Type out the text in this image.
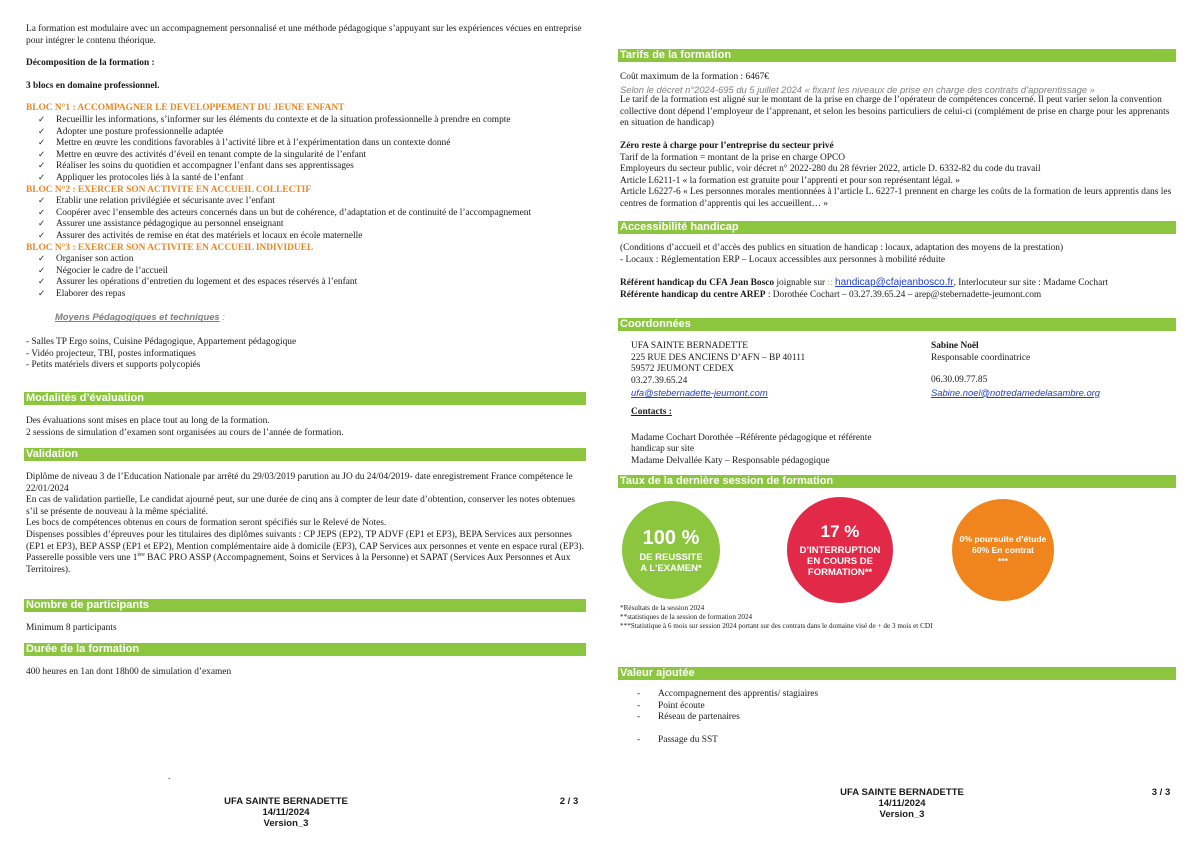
La formation est modulaire avec un accompagnement personnalisé et une méthode pédagogique s’appuyant sur les expériences vécues en entreprise pour intégrer le contenu théorique.

Décomposition de la formation :

3 blocs en domaine professionnel.

BLOC N°1 : ACCOMPAGNER LE DEVELOPPEMENT DU JEUNE ENFANT

✓ Recueillir les informations, s’informer sur les éléments du contexte et de la situation professionnelle à prendre en compte
✓ Adopter une posture professionnelle adaptée
✓ Mettre en œuvre les conditions favorables à l’activité libre et à l’expérimentation dans un contexte donné
✓ Mettre en œuvre des activités d’éveil en tenant compte de la singularité de l’enfant
✓ Réaliser les soins du quotidien et accompagner l’enfant dans ses apprentissages
✓ Appliquer les protocoles liés à la santé de l’enfant

BLOC N°2 : EXERCER SON ACTIVITE EN ACCUEIL COLLECTIF

✓ Etablir une relation privilégiée et sécurisante avec l’enfant
✓ Coopérer avec l’ensemble des acteurs concernés dans un but de cohérence, d’adaptation et de continuité de l’accompagnement
✓ Assurer une assistance pédagogique au personnel enseignant
✓ Assurer des activités de remise en état des matériels et locaux en école maternelle

BLOC N°3 : EXERCER SON ACTIVITE EN ACCUEIL INDIVIDUEL

✓ Organiser son action
✓ Négocier le cadre de l’accueil
✓ Assurer les opérations d’entretien du logement et des espaces réservés à l’enfant
✓ Elaborer des repas

Moyens Pédagogiques et techniques :

- Salles TP Ergo soins, Cuisine Pédagogique, Appartement pédagogique

- Vidéo projecteur, TBI, postes informatiques

- Petits matériels divers et supports polycopiés

Modalités d’évaluation

Des évaluations sont mises en place tout au long de la formation.

2 sessions de simulation d’examen sont organisées au cours de l’année de formation.

Validation

Diplôme de niveau 3 de l’Education Nationale par arrêté du 29/03/2019 parution au JO du 24/04/2019- date enregistrement France compétence le 22/01/2024

En cas de validation partielle, Le candidat ajourné peut, sur une durée de cinq ans à compter de leur date d’obtention, conserver les notes obtenues s’il se présente de nouveau à la même spécialité.

Les bocs de compétences obtenus en cours de formation seront spécifiés sur le Relevé de Notes.

Dispenses possibles d’épreuves pour les titulaires des diplômes suivants : CP JEPS (EP2), TP ADVF (EP1 et EP3), BEPA Services aux personnes (EP1 et EP3), BEP ASSP (EP1 et EP2), Mention complémentaire aide à domicile (EP3), CAP Services aux personnes et vente en espace rural (EP3).

Passerelle possible vers une 1ère BAC PRO ASSP (Accompagnement, Soins et Services à la Personne) et SAPAT (Services Aux Personnes et Aux Territoires).

Nombre de participants

Minimum 8 participants

Durée de la formation

400 heures en 1an dont 18h00 de simulation d’examen

.
UFA SAINTE BERNADETTE
14/11/2024
Version_3
2 / 3
Tarifs de la formation

Coût maximum de la formation : 6467€

Selon le décret n°2024-695 du 5 juillet 2024 « fixant les niveaux de prise en charge des contrats d’apprentissage »

Le tarif de la formation est aligné sur le montant de la prise en charge de l’opérateur de compétences concerné. Il peut varier selon la convention collective dont dépend l’employeur de l’apprenant, et selon les besoins particuliers de celui-ci (complément de prise en charge pour les apprenants en situation de handicap)

Zéro reste à charge pour l’entreprise du secteur privé

Tarif de la formation = montant de la prise en charge OPCO

Employeurs du secteur public, voir décret n° 2022-280 du 28 février 2022, article D. 6332-82 du code du travail

Article L6211-1 « la formation est gratuite pour l’apprenti et pour son représentant légal. »

Article L6227-6 « Les personnes morales mentionnées à l’article L. 6227-1 prennent en charge les coûts de la formation de leurs apprentis dans les centres de formation d’apprentis qui les accueillent… »

Accessibilité handicap

(Conditions d’accueil et d’accès des publics en situation de handicap : locaux, adaptation des moyens de la prestation)

- Locaux : Réglementation ERP – Locaux accessibles aux personnes à mobilité réduite

Référent handicap du CFA Jean Bosco joignable sur :: handicap@cfajeanbosco.fr, Interlocuteur sur site : Madame Cochart

Référente handicap du centre AREP : Dorothée Cochart – 03.27.39.65.24 – arep@stebernadette-jeumont.com

Coordonnées

UFA SAINTE BERNADETTE

225 RUE DES ANCIENS D’AFN – BP 40111

59572 JEUMONT CEDEX

03.27.39.65.24

ufa@stebernadette-jeumont.com

Contacts :

Madame Cochart Dorothée –Référente pédagogique et référente

handicap sur site

Madame Delvallée Katy – Responsable pédagogique

Sabine Noël

Responsable coordinatrice

06.30.09.77.85

Sabine.noel@notredamedelasambre.org

Taux de la dernière session de formation
100 %
DE REUSSITE
A L’EXAMEN*
17 %
D’INTERRUPTION
EN COURS DE
FORMATION**
0% poursuite d’étude
60% En contrat
***

*Résultats de la session 2024

**statistiques de la session de formation 2024

***Statistique à 6 mois sur session 2024 portant sur des contrats dans le domaine visé de + de 3 mois et CDI

Valeur ajoutée
- Accompagnement des apprentis/ stagiaires
- Point écoute
- Réseau de partenaires
- Passage du SST
UFA SAINTE BERNADETTE
14/11/2024
Version_3
3 / 3
